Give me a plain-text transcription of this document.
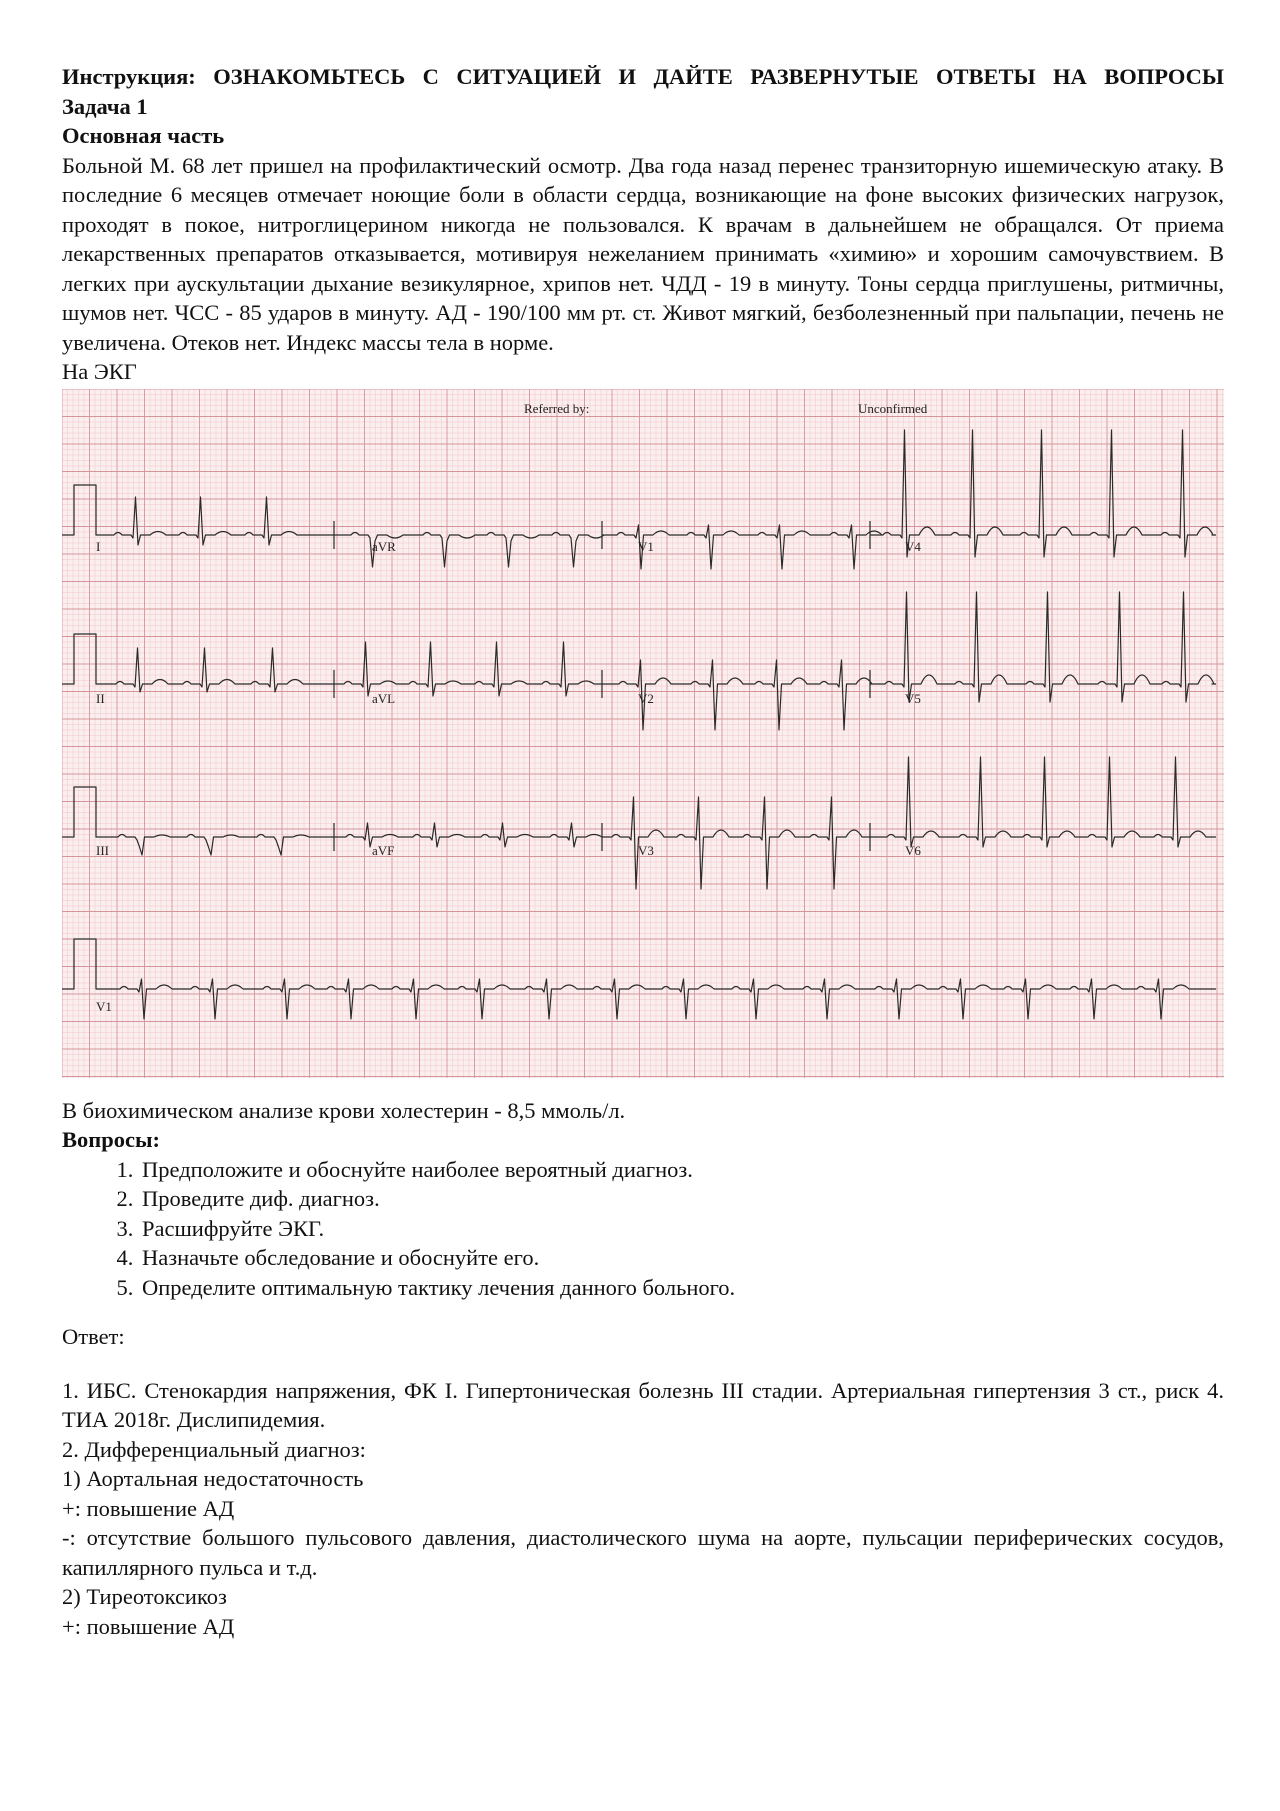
Инструкция: ОЗНАКОМЬТЕСЬ С СИТУАЦИЕЙ И ДАЙТЕ РАЗВЕРНУТЫЕ ОТВЕТЫ НА ВОПРОСЫ

Задача 1

Основная часть

Больной М. 68 лет пришел на профилактический осмотр. Два года назад перенес транзиторную ишемическую атаку. В последние 6 месяцев отмечает ноющие боли в области сердца, возникающие на фоне высоких физических нагрузок, проходят в покое, нитроглицерином никогда не пользовался. К врачам в дальнейшем не обращался. От приема лекарственных препаратов отказывается, мотивируя нежеланием принимать «химию» и хорошим самочувствием. В легких при аускультации дыхание везикулярное, хрипов нет. ЧДД - 19 в минуту. Тоны сердца приглушены, ритмичны, шумов нет. ЧСС - 85 ударов в минуту. АД - 190/100 мм рт. ст. Живот мягкий, безболезненный при пальпации, печень не увеличена. Отеков нет. Индекс массы тела в норме.

На ЭКГ

Referred by:	Unconfirmed
I	aVR	V1	V4
II	aVL	V2	V5
III	aVF	V3	V6
V1

В биохимическом анализе крови холестерин - 8,5 ммоль/л.

Вопросы:

1. Предположите и обоснуйте наиболее вероятный диагноз.
2. Проведите диф. диагноз.
3. Расшифруйте ЭКГ.
4. Назначьте обследование и обоснуйте его.
5. Определите оптимальную тактику лечения данного больного.

Ответ:

1. ИБС. Стенокардия напряжения, ФК I. Гипертоническая болезнь III стадии. Артериальная гипертензия 3 ст., риск 4. ТИА 2018г. Дислипидемия.

2. Дифференциальный диагноз:

1) Аортальная недостаточность

+: повышение АД

-: отсутствие большого пульсового давления, диастолического шума на аорте, пульсации периферических сосудов, капиллярного пульса и т.д.

2) Тиреотоксикоз

+: повышение АД
